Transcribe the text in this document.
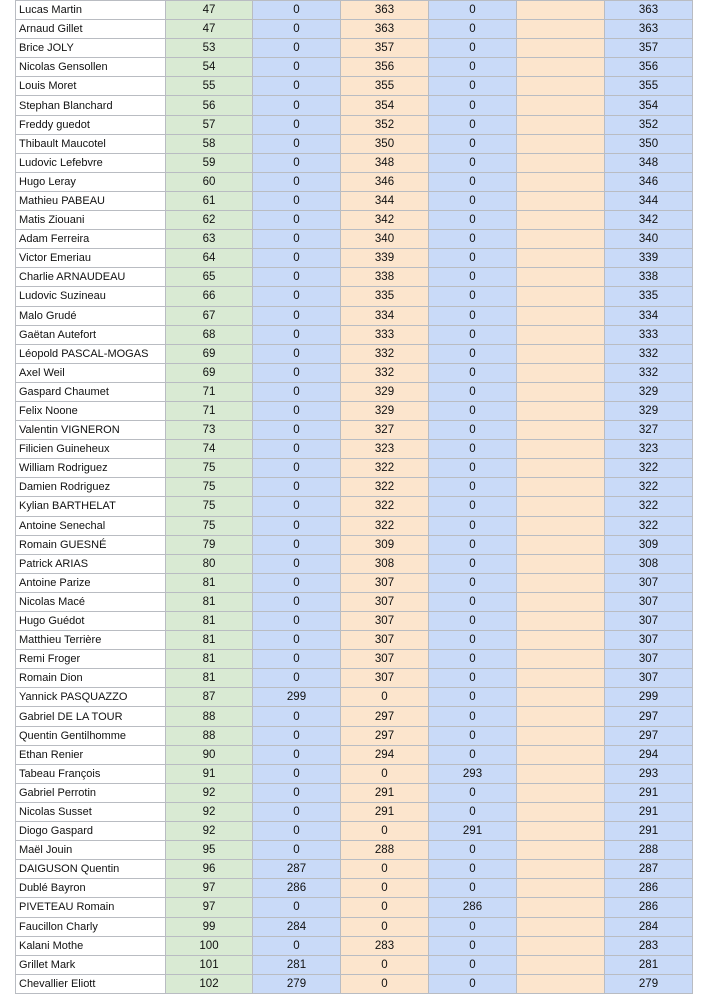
Lucas Martin	47	0	363	0		363
Arnaud Gillet	47	0	363	0		363
Brice JOLY	53	0	357	0		357
Nicolas Gensollen	54	0	356	0		356
Louis Moret	55	0	355	0		355
Stephan Blanchard	56	0	354	0		354
Freddy guedot	57	0	352	0		352
Thibault Maucotel	58	0	350	0		350
Ludovic Lefebvre	59	0	348	0		348
Hugo Leray	60	0	346	0		346
Mathieu PABEAU	61	0	344	0		344
Matis Ziouani	62	0	342	0		342
Adam Ferreira	63	0	340	0		340
Victor Emeriau	64	0	339	0		339
Charlie ARNAUDEAU	65	0	338	0		338
Ludovic Suzineau	66	0	335	0		335
Malo Grudé	67	0	334	0		334
Gaëtan Autefort	68	0	333	0		333
Léopold PASCAL-MOGAS	69	0	332	0		332
Axel Weil	69	0	332	0		332
Gaspard Chaumet	71	0	329	0		329
Felix Noone	71	0	329	0		329
Valentin VIGNERON	73	0	327	0		327
Filicien Guineheux	74	0	323	0		323
William Rodriguez	75	0	322	0		322
Damien Rodriguez	75	0	322	0		322
Kylian BARTHELAT	75	0	322	0		322
Antoine Senechal	75	0	322	0		322
Romain GUESNÉ	79	0	309	0		309
Patrick ARIAS	80	0	308	0		308
Antoine Parize	81	0	307	0		307
Nicolas Macé	81	0	307	0		307
Hugo Guédot	81	0	307	0		307
Matthieu Terrière	81	0	307	0		307
Remi Froger	81	0	307	0		307
Romain Dion	81	0	307	0		307
Yannick PASQUAZZO	87	299	0	0		299
Gabriel DE LA TOUR	88	0	297	0		297
Quentin Gentilhomme	88	0	297	0		297
Ethan Renier	90	0	294	0		294
Tabeau François	91	0	0	293		293
Gabriel Perrotin	92	0	291	0		291
Nicolas Susset	92	0	291	0		291
Diogo Gaspard	92	0	0	291		291
Maël Jouin	95	0	288	0		288
DAIGUSON Quentin	96	287	0	0		287
Dublé Bayron	97	286	0	0		286
PIVETEAU Romain	97	0	0	286		286
Faucillon Charly	99	284	0	0		284
Kalani Mothe	100	0	283	0		283
Grillet Mark	101	281	0	0		281
Chevallier Eliott	102	279	0	0		279
